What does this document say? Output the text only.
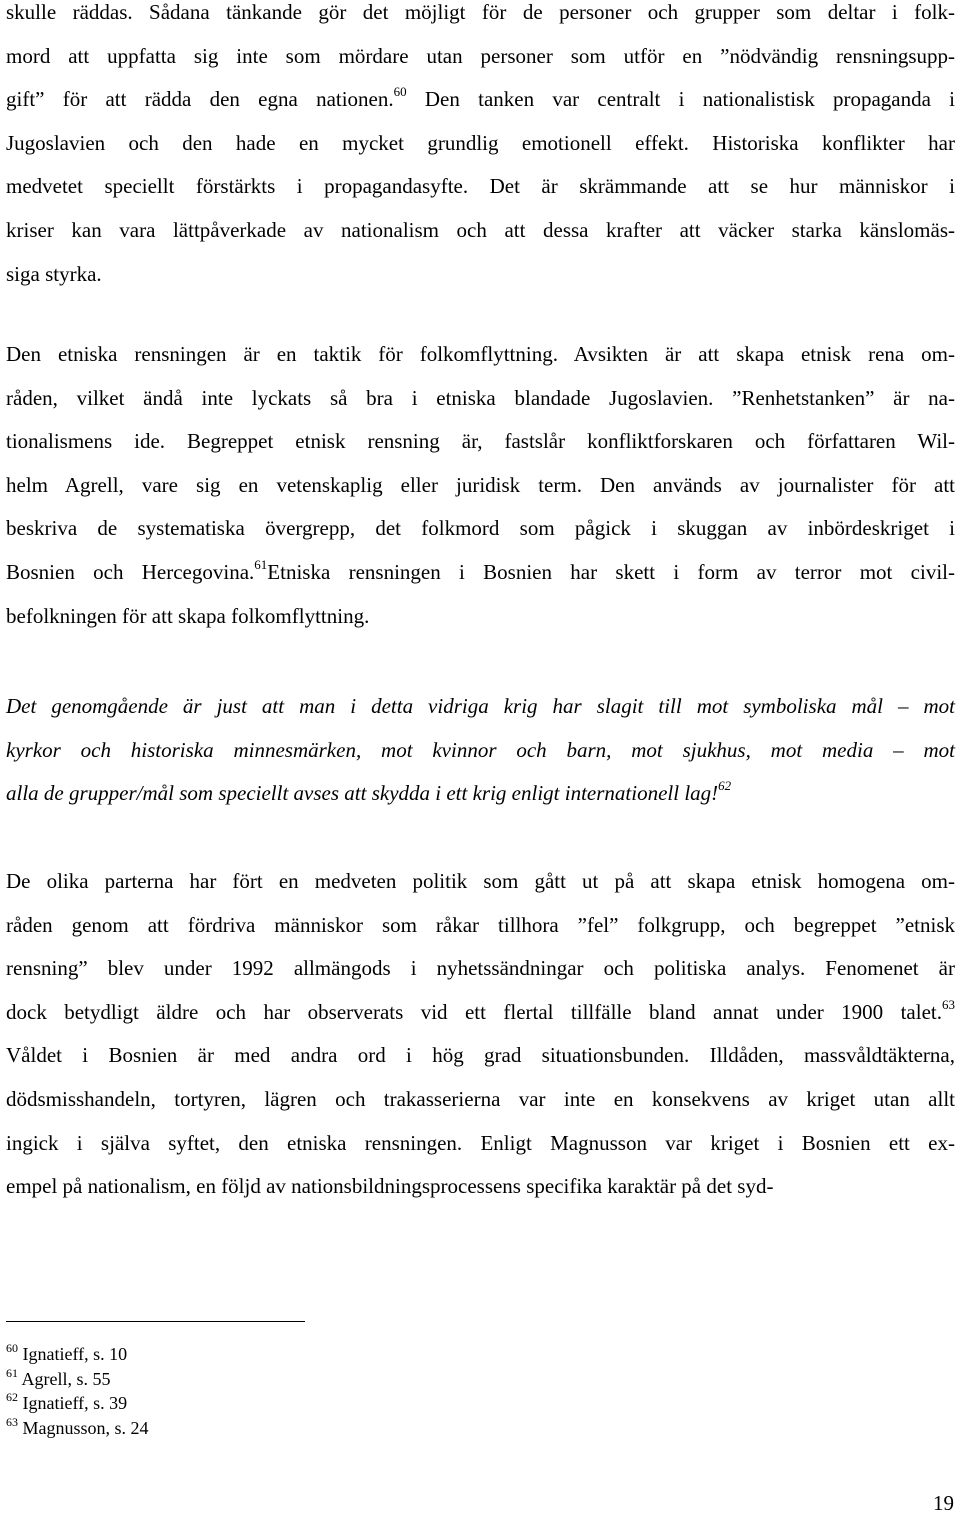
skulle räddas. Sådana tänkande gör det möjligt för de personer och grupper som deltar i folk-
mord att uppfatta sig inte som mördare utan personer som utför en ”nödvändig rensningsupp-
gift” för att rädda den egna nationen.$^{60}$ Den tanken var centralt i nationalistisk propaganda i
Jugoslavien och den hade en mycket grundlig emotionell effekt. Historiska konflikter har
medvetet speciellt förstärkts i propagandasyfte. Det är skrämmande att se hur människor i
kriser kan vara lättpåverkade av nationalism och att dessa krafter att väcker starka känslomäs-
siga styrka.
Den etniska rensningen är en taktik för folkomflyttning. Avsikten är att skapa etnisk rena om-
råden, vilket ändå inte lyckats så bra i etniska blandade Jugoslavien. ”Renhetstanken” är na-
tionalismens ide. Begreppet etnisk rensning är, fastslår konfliktforskaren och författaren Wil-
helm Agrell, vare sig en vetenskaplig eller juridisk term. Den används av journalister för att
beskriva de systematiska övergrepp, det folkmord som pågick i skuggan av inbördeskriget i
Bosnien och Hercegovina.$^{61}$Etniska rensningen i Bosnien har skett i form av terror mot civil-
befolkningen för att skapa folkomflyttning.
Det genomgående är just att man i detta vidriga krig har slagit till mot symboliska mål – mot
kyrkor och historiska minnesmärken, mot kvinnor och barn, mot sjukhus, mot media – mot
alla de grupper/mål som speciellt avses att skydda i ett krig enligt internationell lag!$^{62}$
De olika parterna har fört en medveten politik som gått ut på att skapa etnisk homogena om-
råden genom att fördriva människor som råkar tillhora ”fel” folkgrupp, och begreppet ”etnisk
rensning” blev under 1992 allmängods i nyhetssändningar och politiska analys. Fenomenet är
dock betydligt äldre och har observerats vid ett flertal tillfälle bland annat under 1900 talet.$^{63}$
Våldet i Bosnien är med andra ord i hög grad situationsbunden. Illdåden, massvåldtäkterna,
dödsmisshandeln, tortyren, lägren och trakasserierna var inte en konsekvens av kriget utan allt
ingick i själva syftet, den etniska rensningen. Enligt Magnusson var kriget i Bosnien ett ex-
empel på nationalism, en följd av nationsbildningsprocessens specifika karaktär på det syd-
$^{60}$ Ignatieff, s. 10
$^{61}$ Agrell, s. 55
$^{62}$ Ignatieff, s. 39
$^{63}$ Magnusson, s. 24
19
